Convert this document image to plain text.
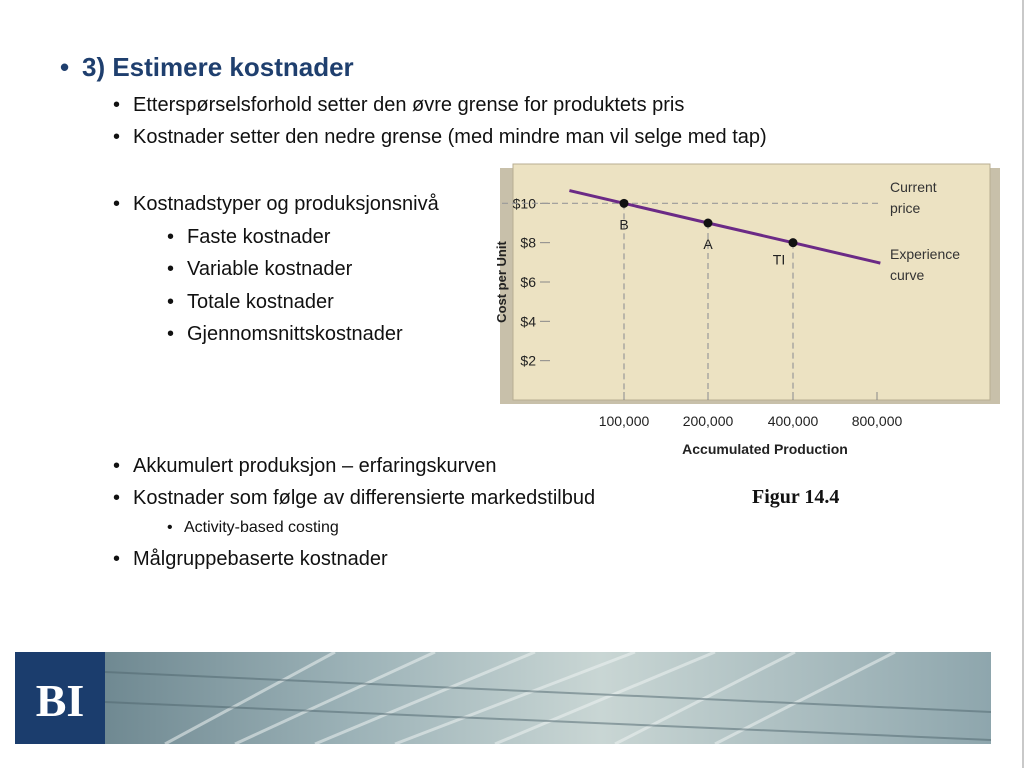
• 3) Estimere kostnader
• Etterspørselsforhold setter den øvre grense for produktets pris
• Kostnader setter den nedre grense (med mindre man vil selge med tap)
• Kostnadstyper og produksjonsnivå
• Faste kostnader
• Variable kostnader
• Totale kostnader
• Gjennomsnittskostnader
• Akkumulert produksjon – erfaringskurven
• Kostnader som følge av differensierte markedstilbud
• Activity-based costing
• Målgruppebaserte kostnader
$10
$8
$6
$4
$2
100,000 200,000 400,000 800,000
B
A
TI
Cost per Unit
Accumulated Production
Current price
Experience curve
Figur 14.4
BI
